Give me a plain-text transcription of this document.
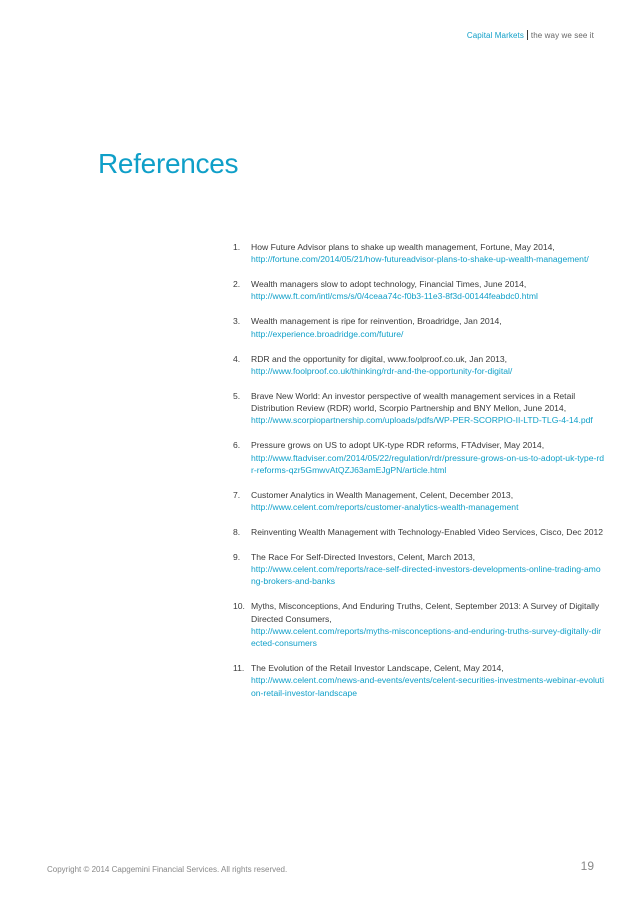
Capital Markets the way we see it
References
1.	How Future Advisor plans to shake up wealth management, Fortune, May 2014,
http://fortune.com/2014/05/21/how-futureadvisor-plans-to-shake-up-wealth-management/
2.	Wealth managers slow to adopt technology, Financial Times, June 2014,
http://www.ft.com/intl/cms/s/0/4ceaa74c-f0b3-11e3-8f3d-00144feabdc0.html
3.	Wealth management is ripe for reinvention, Broadridge, Jan 2014,
http://experience.broadridge.com/future/
4.	RDR and the opportunity for digital, www.foolproof.co.uk, Jan 2013,
http://www.foolproof.co.uk/thinking/rdr-and-the-opportunity-for-digital/
5.	Brave New World: An investor perspective of wealth management services in a Retail Distribution Review (RDR) world, Scorpio Partnership and BNY Mellon, June 2014,
http://www.scorpiopartnership.com/uploads/pdfs/WP-PER-SCORPIO-II-LTD-TLG-4-14.pdf
6.	Pressure grows on US to adopt UK-type RDR reforms, FTAdviser, May 2014,
http://www.ftadviser.com/2014/05/22/regulation/rdr/pressure-grows-on-us-to-adopt-uk-type-rdr-reforms-qzr5GmwvAtQZJ63amEJgPN/article.html
7.	Customer Analytics in Wealth Management, Celent, December 2013,
http://www.celent.com/reports/customer-analytics-wealth-management
8.	Reinventing Wealth Management with Technology-Enabled Video Services, Cisco, Dec 2012
9.	The Race For Self-Directed Investors, Celent, March 2013,
http://www.celent.com/reports/race-self-directed-investors-developments-online-trading-among-brokers-and-banks
10. Myths, Misconceptions, And Enduring Truths, Celent, September 2013: A Survey of Digitally Directed Consumers,
http://www.celent.com/reports/myths-misconceptions-and-enduring-truths-survey-digitally-directed-consumers
11. The Evolution of the Retail Investor Landscape, Celent, May 2014,
http://www.celent.com/news-and-events/events/celent-securities-investments-webinar-evolution-retail-investor-landscape
Copyright © 2014 Capgemini Financial Services. All rights reserved.	19
